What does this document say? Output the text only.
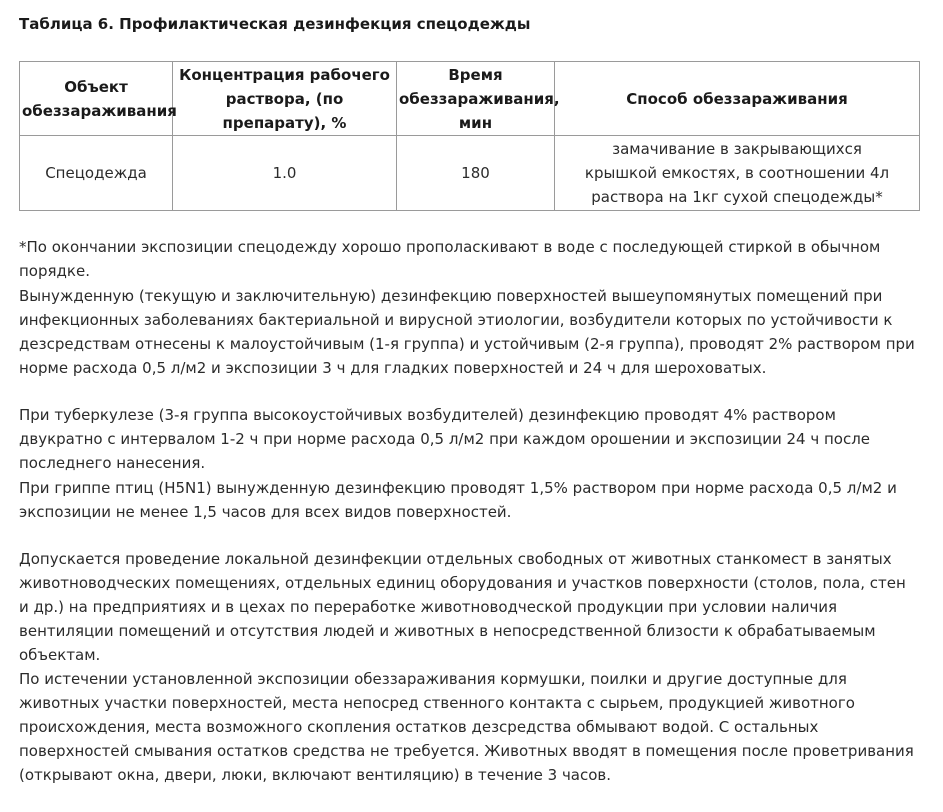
Таблица 6. Профилактическая дезинфекция спецодежды
Объект обеззараживания	Концентрация рабочего раствора, (по препарату), %	Время обеззараживания, мин	Способ обеззараживания
Спецодежда	1.0	180	замачивание в закрывающихся крышкой емкостях, в соотношении 4л раствора на 1кг сухой спецодежды*

*По окончании экспозиции спецодежду хорошо прополаскивают в воде с последующей стиркой в обычном порядке.

Вынужденную (текущую и заключительную) дезинфекцию поверхностей вышеупомянутых помещений при инфекционных заболеваниях бактериальной и вирусной этиологии, возбудители которых по устойчивости к дезсредствам отнесены к малоустойчивым (1-я группа) и устойчивым (2-я группа), проводят 2% раствором при норме расхода 0,5 л/м2 и экспозиции 3 ч для гладких поверхностей и 24 ч для шероховатых.

При туберкулезе (3-я группа высокоустойчивых возбудителей) дезинфекцию проводят 4% раствором двукратно с интервалом 1-2 ч при норме расхода 0,5 л/м2 при каждом орошении и экспозиции 24 ч после последнего нанесения.

При гриппе птиц (H5N1) вынужденную дезинфекцию проводят 1,5% раствором при норме расхода 0,5 л/м2 и экспозиции не менее 1,5 часов для всех видов поверхностей.

Допускается проведение локальной дезинфекции отдельных свободных от животных станкомест в занятых животноводческих помещениях, отдельных единиц оборудования и участков поверхности (столов, пола, стен и др.) на предприятиях и в цехах по переработке животноводческой продукции при условии наличия вентиляции помещений и отсутствия людей и животных в непосредственной близости к обрабатываемым объектам.

По истечении установленной экспозиции обеззараживания кормушки, поилки и другие доступные для животных участки поверхностей, места непосред ственного контакта с сырьем, продукцией животного происхождения, места возможного скопления остатков дезсредства обмывают водой. С остальных поверхностей смывания остатков средства не требуется. Животных вводят в помещения после проветривания (открывают окна, двери, люки, включают вентиляцию) в течение 3 часов.
